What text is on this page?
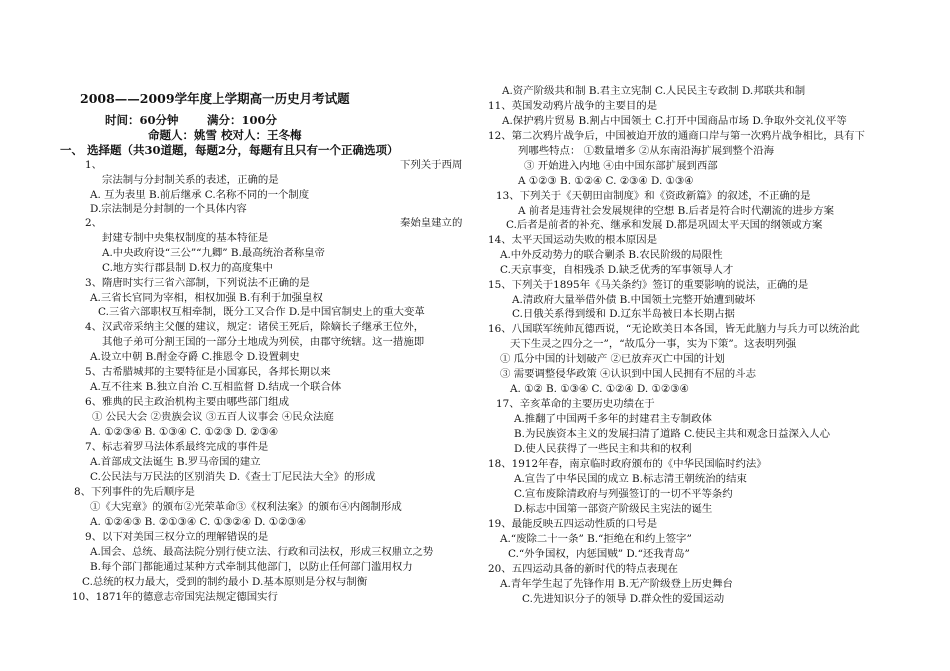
2008——2009学年度上学期高一历史月考试题
时间：60分钟 满分：100分
命题人：姚雪 校对人：王冬梅
一、 选择题（共30道题，每题2分，每题有且只有一个正确选项）
1、	下列关于西周
宗法制与分封制关系的表述，正确的是
A. 互为表里 B.前后继承 C.名称不同的一个制度
D.宗法制是分封制的一个具体内容
2、	秦始皇建立的
封建专制中央集权制度的基本特征是
A.中央政府设“三公”“九卿” B.最高统治者称皇帝
C.地方实行郡县制 D.权力的高度集中
3、隋唐时实行三省六部制，下列说法不正确的是
A.三省长官同为宰相，相权加强 B.有利于加强皇权
C.三省六部职权互相牵制，既分工又合作 D.是中国官制史上的重大变革
4、汉武帝采纳主父偃的建议，规定：诸侯王死后，除嫡长子继承王位外，
其他子弟可分割王国的一部分土地成为列侯，由郡守统辖。这一措施即
A.设立中朝 B.酎金夺爵 C.推恩令 D.设置刺史
5、古希腊城邦的主要特征是小国寡民，各邦长期以来
A.互不往来 B.独立自治 C.互相监督 D.结成一个联合体
6、雅典的民主政治机构主要由哪些部门组成
① 公民大会 ②贵族会议 ③五百人议事会 ④民众法庭
A. ①②③④ B. ①③④ C. ①②③ D. ②③④
7、标志着罗马法体系最终完成的事件是
A.首部成文法诞生 B.罗马帝国的建立
C.公民法与万民法的区别消失 D.《查士丁尼民法大全》的形成
8、下列事件的先后顺序是
①《大宪章》的颁布②光荣革命③《权利法案》的颁布④内阁制形成
A. ①②④③ B. ②①③④ C. ①③②④ D. ①②③④
9、以下对美国三权分立的理解错误的是
A.国会、总统、最高法院分别行使立法、行政和司法权，形成三权鼎立之势
B.每个部门都能通过某种方式牵制其他部门，以防止任何部门滥用权力
C.总统的权力最大，受到的制约最小 D.基本原则是分权与制衡
10、1871年的德意志帝国宪法规定德国实行
A.资产阶级共和制 B.君主立宪制 C.人民民主专政制 D.邦联共和制
11、英国发动鸦片战争的主要目的是
A.保护鸦片贸易 B.割占中国领土 C.打开中国商品市场 D.争取外交礼仪平等
12、第二次鸦片战争后，中国被迫开放的通商口岸与第一次鸦片战争相比，具有下
列哪些特点： ①数量增多 ②从东南沿海扩展到整个沿海
③ 开始进入内地 ④由中国东部扩展到西部
A ①②③ B. ①②④ C. ②③④ D. ①③④
13、下列关于《天朝田亩制度》和《资政新篇》的叙述，不正确的是
A 前者是违背社会发展规律的空想 B.后者是符合时代潮流的进步方案
C.后者是前者的补充、继承和发展 D.都是巩固太平天国的纲领或方案
14、太平天国运动失败的根本原因是
A.中外反动势力的联合剿杀 B.农民阶级的局限性
C.天京事变，自相残杀 D.缺乏优秀的军事领导人才
15、下列关于1895年《马关条约》签订的重要影响的说法，正确的是
A.清政府大量举借外债 B.中国领土完整开始遭到破坏
C.日俄关系得到缓和 D.辽东半岛被日本长期占据
16、八国联军统帅瓦德西说，“无论欧美日本各国，皆无此脑力与兵力可以统治此
天下生灵之四分之一”，“故瓜分一事，实为下策”。这表明列强
① 瓜分中国的计划破产 ②已放弃灭亡中国的计划
③ 需要调整侵华政策 ④认识到中国人民拥有不屈的斗志
A. ①② B. ①③④ C. ①②④ D. ①②③④
17、辛亥革命的主要历史功绩在于
A.推翻了中国两千多年的封建君主专制政体
B.为民族资本主义的发展扫清了道路 C.使民主共和观念日益深入人心
D.使人民获得了一些民主和共和的权利
18、1912年春，南京临时政府颁布的《中华民国临时约法》
A.宣告了中华民国的成立 B.标志清王朝统治的结束
C.宣布废除清政府与列强签订的一切不平等条约
D.标志中国第一部资产阶级民主宪法的诞生
19、最能反映五四运动性质的口号是
A.“废除二十一条” B.“拒绝在和约上签字”
C.“外争国权，内惩国贼” D.“还我青岛”
20、五四运动具备的新时代的特点表现在
A.青年学生起了先锋作用 B.无产阶级登上历史舞台
C.先进知识分子的领导 D.群众性的爱国运动
